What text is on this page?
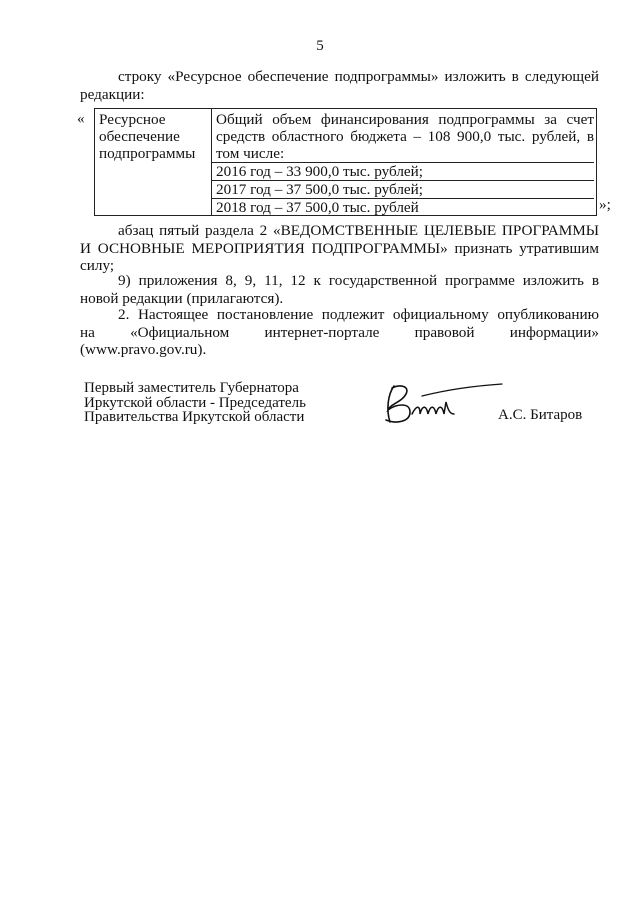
5
строку «Ресурсное обеспечение подпрограммы» изложить в следующей
редакции:
«
»;
Ресурсное
обеспечение
подпрограммы
Общий объем финансирования подпрограммы за счет
средств областного бюджета – 108 900,0 тыс. рублей, в
том числе:
2016 год – 33 900,0 тыс. рублей;
2017 год – 37 500,0 тыс. рублей;
2018 год – 37 500,0 тыс. рублей
абзац пятый раздела 2 «ВЕДОМСТВЕННЫЕ ЦЕЛЕВЫЕ ПРОГРАММЫ
И ОСНОВНЫЕ МЕРОПРИЯТИЯ ПОДПРОГРАММЫ» признать утратившим
силу;
9) приложения 8, 9, 11, 12 к государственной программе изложить в
новой редакции (прилагаются).
2. Настоящее постановление подлежит официальному опубликованию
на «Официальном интернет-портале правовой информации»
(www.pravo.gov.ru).
Первый заместитель Губернатора
Иркутской области - Председатель
Правительства Иркутской области	А.С. Битаров
